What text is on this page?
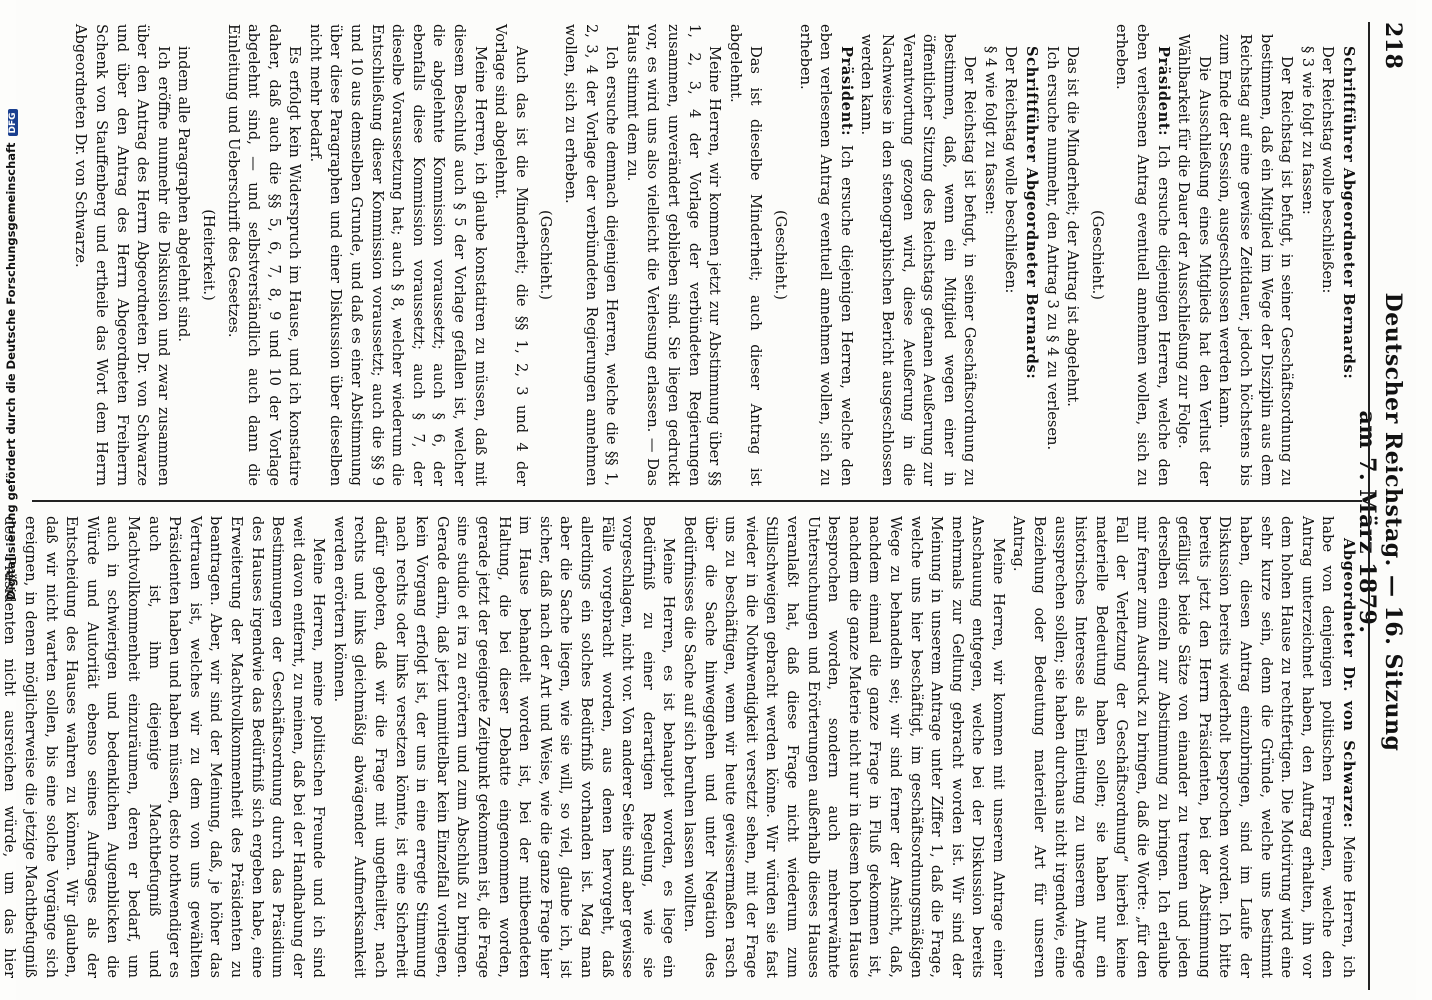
218
Deutscher Reichstag. — 16. Sitzung am 7. März 1879.

Schriftführer Abgeordneter Bernards:

Der Reichstag wolle beschließen:

§ 3 wie folgt zu fassen:

Der Reichstag ist befugt, in seiner Geschäftsordnung zu bestimmen, daß ein Mitglied im Wege der Disziplin aus dem Reichstag auf eine gewisse Zeitdauer, jedoch höchstens bis zum Ende der Session, ausgeschlossen werden kann.

Die Ausschließung eines Mitglieds hat den Verlust der Wählbarkeit für die Dauer der Ausschließung zur Folge.

Präsident: Ich ersuche diejenigen Herren, welche den eben verlesenen Antrag eventuell annehmen wollen, sich zu erheben.

(Geschieht.)

Das ist die Minderheit; der Antrag ist abgelehnt.

Ich ersuche nunmehr, den Antrag 3 zu § 4 zu verlesen.

Schriftführer Abgeordneter Bernards:

Der Reichstag wolle beschließen:

§ 4 wie folgt zu fassen:

Der Reichstag ist befugt, in seiner Geschäftsordnung zu bestimmen, daß, wenn ein Mitglied wegen einer in öffentlicher Sitzung des Reichstags getanen Aeußerung zur Verantwortung gezogen wird, diese Aeußerung in die Nachweise in den stenographischen Bericht ausgeschlossen werden kann.

Präsident: Ich ersuche diejenigen Herren, welche den eben verlesenen Antrag eventuell annehmen wollen, sich zu erheben.

(Geschieht.)

Das ist dieselbe Minderheit; auch dieser Antrag ist abgelehnt.

Meine Herren, wir kommen jetzt zur Abstimmung über §§ 1, 2, 3, 4 der Vorlage der verbündeten Regierungen zusammen, unverändert geblieben sind. Sie liegen gedruckt vor, es wird uns also vielleicht die Verlesung erlassen. — Das Haus stimmt dem zu.

Ich ersuche demnach diejenigen Herren, welche die §§ 1, 2, 3, 4 der Vorlage der verbündeten Regierungen annehmen wollen, sich zu erheben.

(Geschieht.)

Auch das ist die Minderheit; die §§ 1, 2, 3 und 4 der Vorlage sind abgelehnt.

Meine Herren, ich glaube konstatiren zu müssen, daß mit diesem Beschluß auch § 5 der Vorlage gefallen ist, welcher die abgelehnte Kommission voraussetzt; auch § 6, der ebenfalls diese Kommission voraussetzt; auch § 7, der dieselbe Voraussetzung hat; auch § 8, welcher wiederum die Entschließung dieser Kommission voraussetzt; auch die §§ 9 und 10 aus demselben Grunde, und daß es einer Abstimmung über diese Paragraphen und einer Diskussion über dieselben nicht mehr bedarf.

Es erfolgt kein Widerspruch im Hause, und ich konstatire daher, daß auch die §§ 5, 6, 7, 8, 9 und 10 der Vorlage abgelehnt sind, — und selbstverständlich auch dann die Einleitung und Ueberschrift des Gesetzes.

(Heiterkeit.)

indem alle Paragraphen abgelehnt sind.

Ich eröffne nunmehr die Diskussion und zwar zusammen über den Antrag des Herrn Abgeordneten Dr. von Schwarze und über den Antrag des Herrn Abgeordneten Freiherrn Schenk von Stauffenberg und ertheile das Wort dem Herrn Abgeordneten Dr. von Schwarze.

Abgeordneter Dr. von Schwarze: Meine Herren, ich habe von denjenigen politischen Freunden, welche den Antrag unterzeichnet haben, den Auftrag erhalten, ihn vor dem hohen Hause zu rechtfertigen. Die Motivirung wird eine sehr kurze sein, denn die Gründe, welche uns bestimmt haben, diesen Antrag einzubringen, sind im Laufe der Diskussion bereits wiederholt besprochen worden. Ich bitte bereits jetzt den Herrn Präsidenten, bei der Abstimmung gefälligst beide Sätze von einander zu trennen und jeden derselben einzeln zur Abstimmung zu bringen. Ich erlaube mir ferner zum Ausdruck zu bringen, daß die Worte: „für den Fall der Verletzung der Geschäftsordnung“ hierbei keine materielle Bedeutung haben sollen; sie haben nur ein historisches Interesse als Einleitung zu unserem Antrage aussprechen sollen; sie haben durchaus nicht irgendwie, eine Beziehung oder Bedeutung materieller Art für unseren Antrag.

Meine Herren, wir kommen mit unserem Antrage einer Anschauung entgegen, welche bei der Diskussion bereits mehrmals zur Geltung gebracht worden ist. Wir sind der Meinung in unserem Antrage unter Ziffer 1, daß die Frage, welche uns hier beschäftigt, im geschäftsordnungsmäßigen Wege zu behandeln sei; wir sind ferner der Ansicht, daß, nachdem einmal die ganze Frage in Fluß gekommen ist, nachdem die ganze Materie nicht nur in diesem hohen Hause besprochen worden, sondern auch mehrerwähnte Untersuchungen und Erörterungen außerhalb dieses Hauses veranlaßt hat, daß diese Frage nicht wiederum zum Stillschweigen gebracht werden könne. Wir würden sie fast wieder in die Nothwendigkeit versetzt sehen, mit der Frage uns zu beschäftigen, wenn wir heute gewissermaßen rasch über die Sache hinweggehen und unter Negation des Bedürfnisses die Sache auf sich beruhen lassen wollten.

Meine Herren, es ist behauptet worden, es liege ein Bedürfniß zu einer derartigen Regelung, wie sie vorgeschlagen, nicht vor. Von anderer Seite sind aber gewisse Fälle vorgebracht worden, aus denen hervorgeht, daß allerdings ein solches Bedürfniß vorhanden ist. Mag man aber die Sache liegen, wie sie will, so viel, glaube ich, ist sicher, daß nach der Art und Weise, wie die ganze Frage hier im Hause behandelt worden ist, bei der mitbeendeten Haltung, die bei dieser Debatte eingenommen worden, gerade jetzt der geeignete Zeitpunkt gekommen ist, die Frage sine studio et ira zu erörtern und zum Abschluß zu bringen. Gerade darin, daß jetzt unmittelbar kein Einzelfall vorliegen, kein Vorgang erfolgt ist, der uns in eine erregte Stimmung nach rechts oder links versetzen könnte, ist eine Sicherheit dafür geboten, daß wir die Frage mit ungetheilter, nach rechts und links gleichmäßig abwägender Aufmerksamkeit werden erörtern können.

Meine Herren, meine politischen Freunde und ich sind weit davon entfernt, zu meinen, daß bei der Handhabung der Bestimmungen der Geschäftsordnung durch das Präsidium des Hauses irgendwie das Bedürfniß sich ergeben habe, eine Erweiterung der Machtvollkommenheit des Präsidenten zu beantragen. Aber, wir sind der Meinung, daß, je höher das Vertrauen ist, welches wir zu dem von uns gewählten Präsidenten haben und haben müssen, desto nothwendiger es auch ist, ihm diejenige Machtbefugniß und Machtvollkommenheit einzuräumen, deren er bedarf, um auch in schwierigen und bedenklichen Augenblicken die Würde und Autorität ebenso seines Auftrages als der Entscheidung des Hauses wahren zu können. Wir glauben, daß wir nicht warten sollen, bis eine solche Vorgänge sich ereignen, in denen möglicherweise die jetzige Machtbefugniß des Präsidenten nicht ausreichen würde, um das hier

Digitalisierung gefördert durch die Deutsche ForschungsgemeinschaftDFG
